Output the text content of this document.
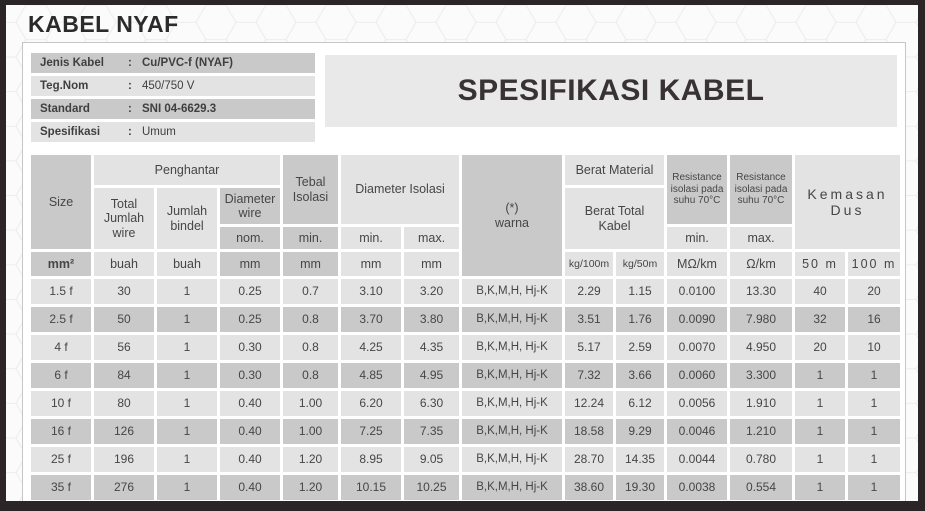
KABEL NYAF
Jenis Kabel	: Cu/PVC-f (NYAF)
Teg.Nom	: 450/750 V
Standard	: SNI 04-6629.3
Spesifikasi	: Umum
SPESIFIKASI KABEL
Size
Penghantar
Total Jumlah wire
Jumlah bindel
Diameter wire
nom.
Tebal Isolasi
min.
Diameter Isolasi
min.	max.
(*)
warna
Berat Material
Berat Total Kabel
Resistance isolasi pada suhu 70°C
min.
Resistance isolasi pada suhu 70°C
max.
Kemasan Dus
mm²	buah	buah	mm	mm	mm	mm	kg/100m	kg/50m	MΩ/km	Ω/km	50 m	100 m
1.5 f	30	1	0.25	0.7	3.10	3.20	B,K,M,H, Hj-K	2.29	1.15	0.0100	13.30	40	20
2.5 f	50	1	0.25	0.8	3.70	3.80	B,K,M,H, Hj-K	3.51	1.76	0.0090	7.980	32	16
4 f	56	1	0.30	0.8	4.25	4.35	B,K,M,H, Hj-K	5.17	2.59	0.0070	4.950	20	10
6 f	84	1	0.30	0.8	4.85	4.95	B,K,M,H, Hj-K	7.32	3.66	0.0060	3.300	1	1
10 f	80	1	0.40	1.00	6.20	6.30	B,K,M,H, Hj-K	12.24	6.12	0.0056	1.910	1	1
16 f	126	1	0.40	1.00	7.25	7.35	B,K,M,H, Hj-K	18.58	9.29	0.0046	1.210	1	1
25 f	196	1	0.40	1.20	8.95	9.05	B,K,M,H, Hj-K	28.70	14.35	0.0044	0.780	1	1
35 f	276	1	0.40	1.20	10.15	10.25	B,K,M,H, Hj-K	38.60	19.30	0.0038	0.554	1	1
